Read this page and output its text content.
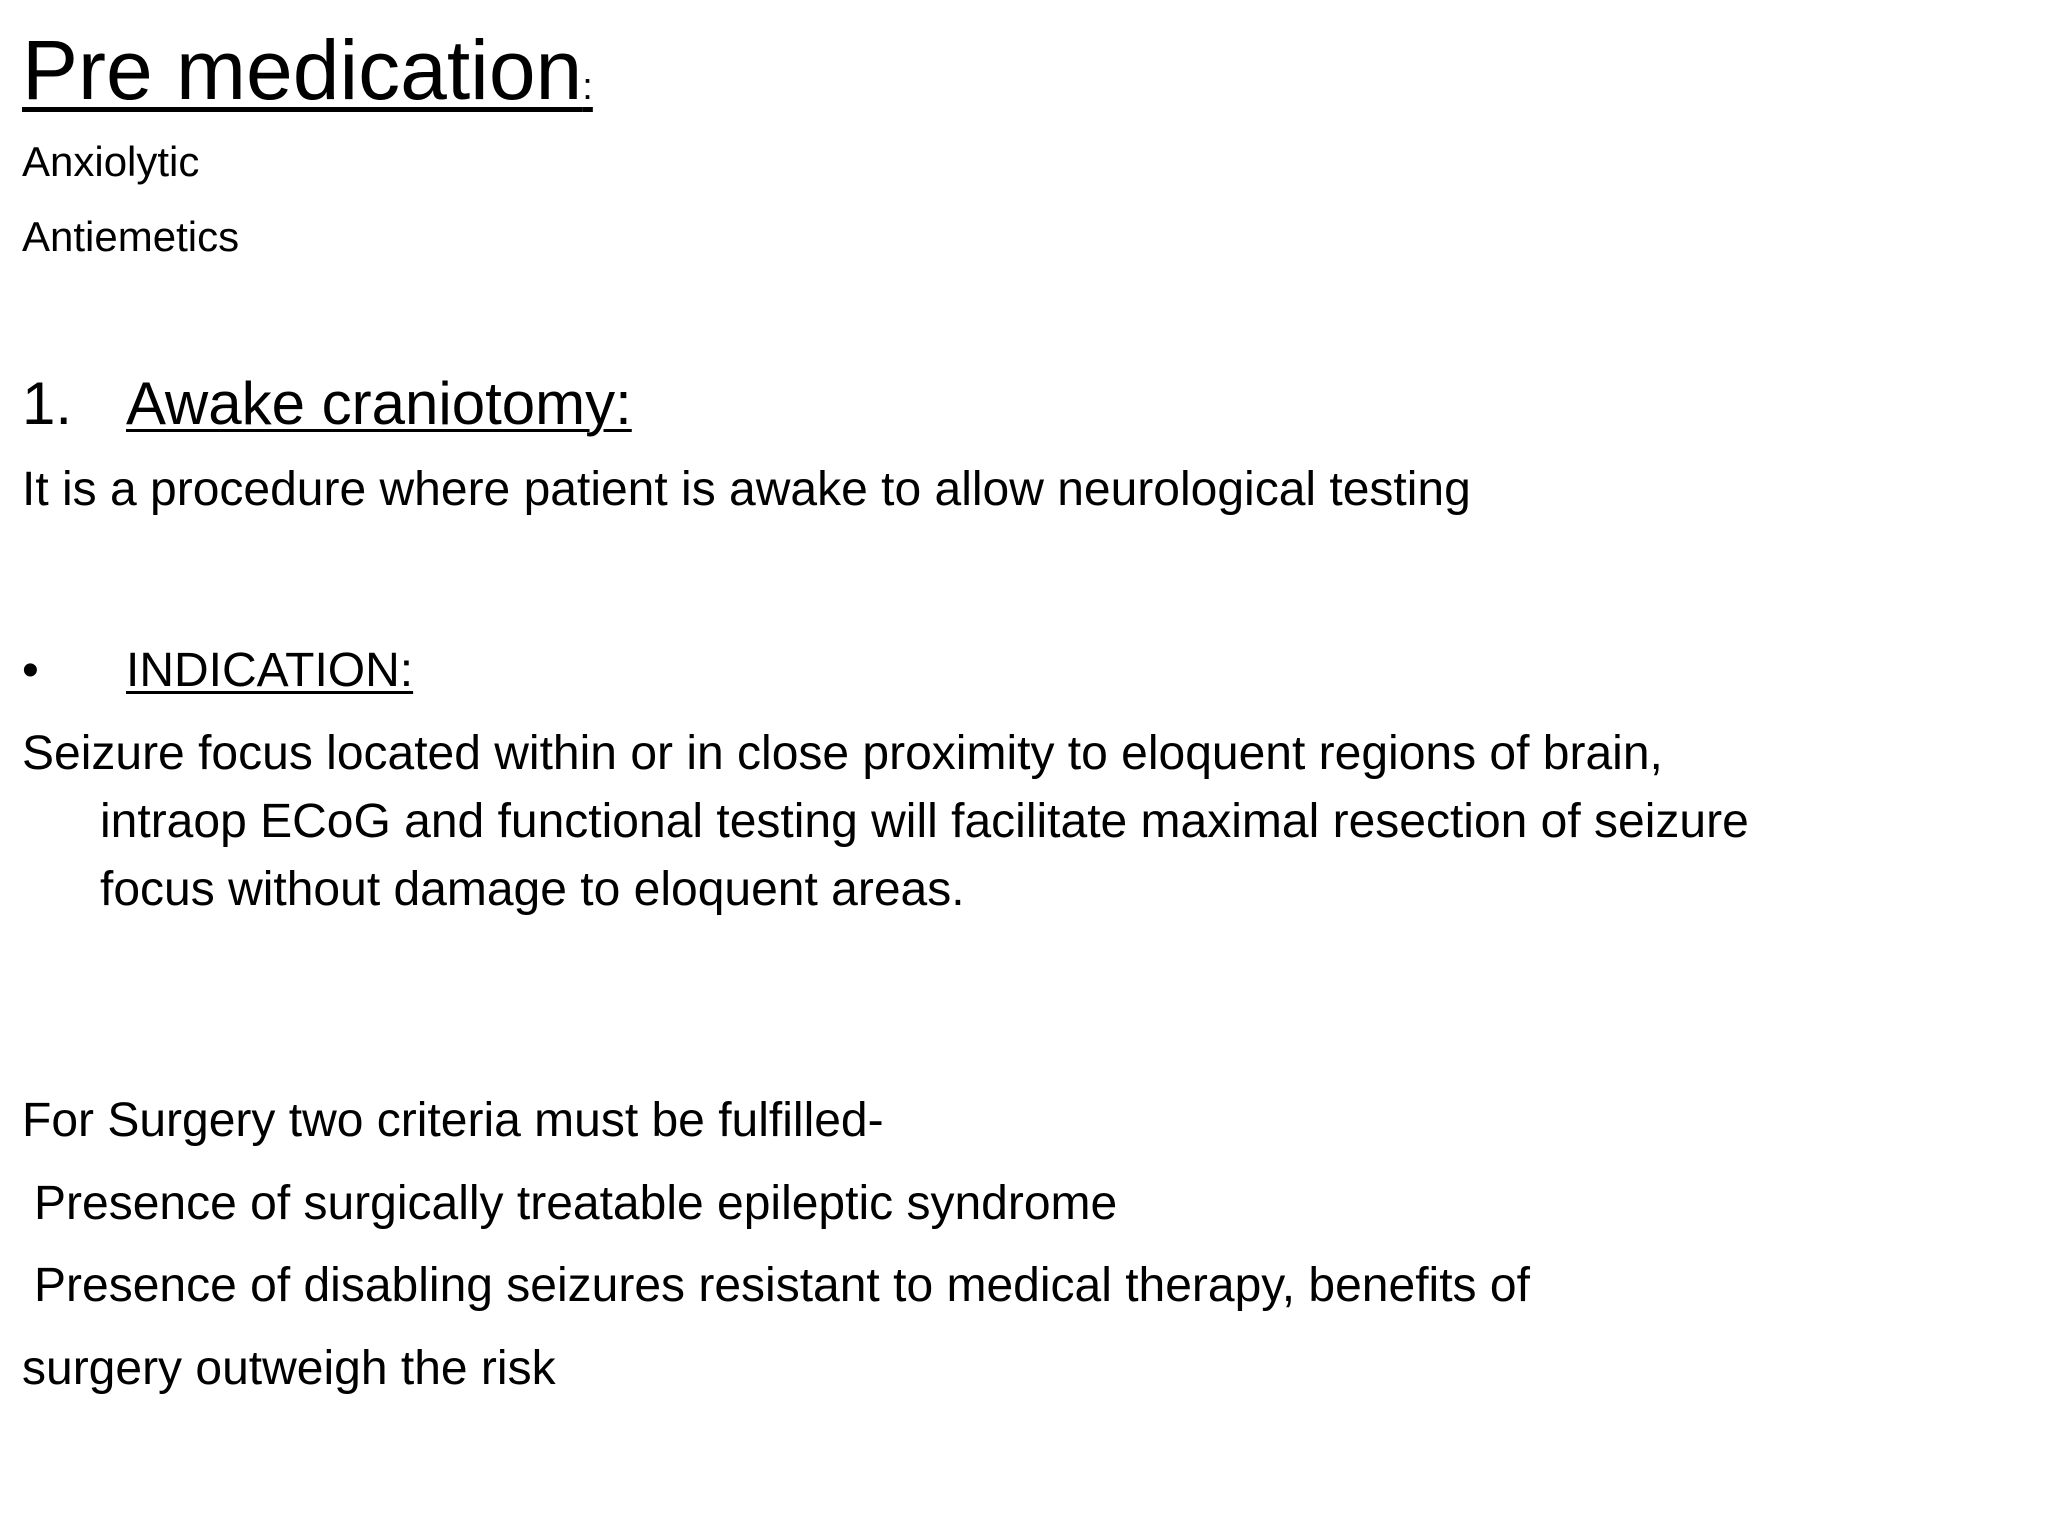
Pre medication:
Anxiolytic
Antiemetics
1. Awake craniotomy:
It is a procedure where patient is awake to allow neurological testing
• INDICATION:
Seizure focus located within or in close proximity to eloquent regions of brain,
intraop ECoG and functional testing will facilitate maximal resection of seizure
focus without damage to eloquent areas.
For Surgery two criteria must be fulfilled-
Presence of surgically treatable epileptic syndrome
Presence of disabling seizures resistant to medical therapy, benefits of
surgery outweigh the risk
